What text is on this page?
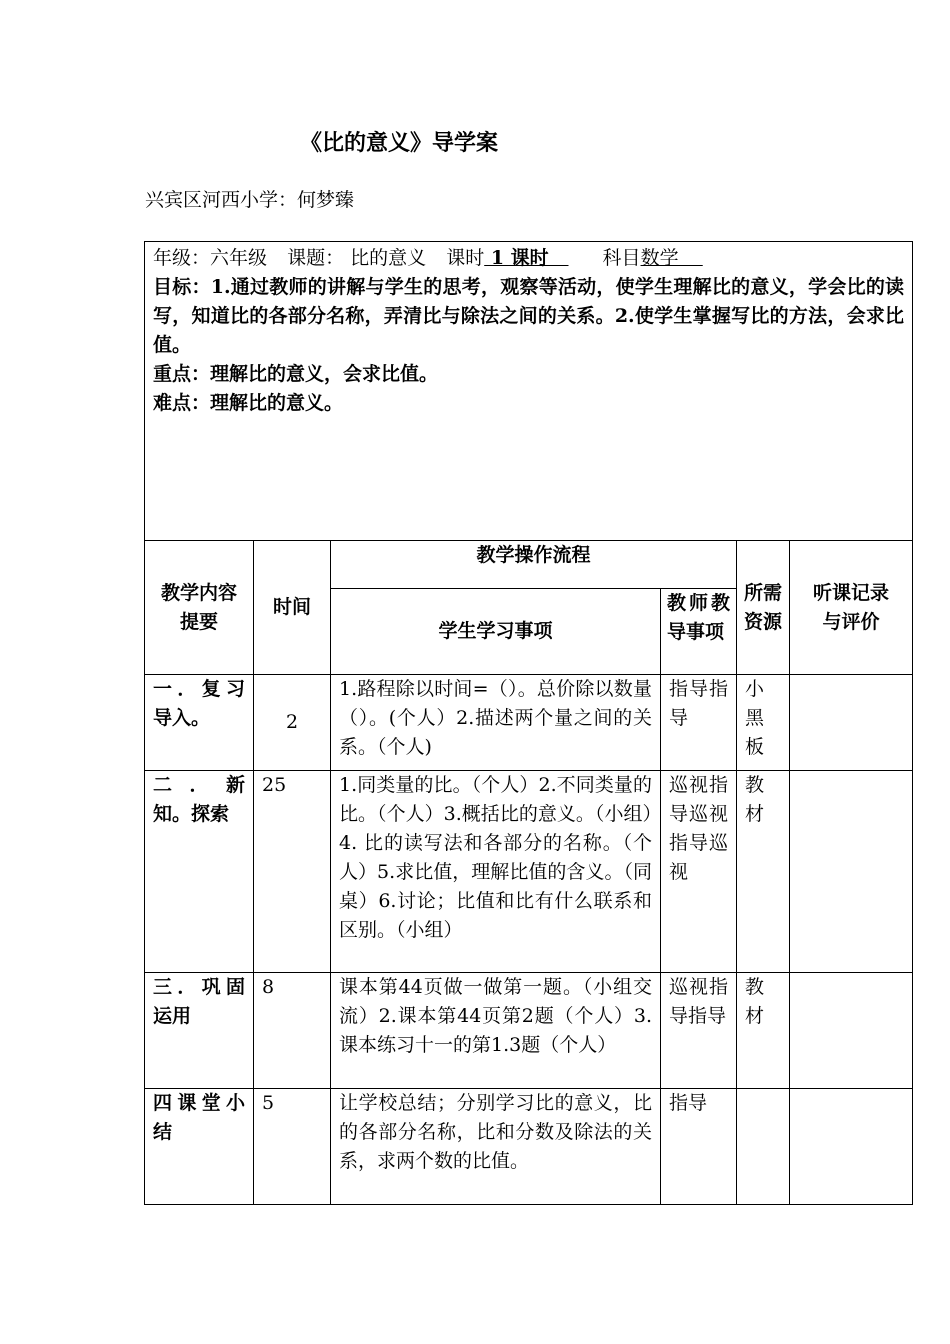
《比的意义》导学案
兴宾区河西小学：何梦臻
年级：六年级 课题： 比的意义 课时 1 课时    科目数学
目标：1.通过教师的讲解与学生的思考，观察等活动，使学生理解比的意义，学会比的读写，知道比的各部分名称，弄清比与除法之间的关系。2.使学生掌握写比的方法，会求比值。
重点：理解比的意义，会求比值。
难点：理解比的意义。					

教学内容提要	时间	教学操作流程		所需资源	听课记录与评价
		学生学习事项	教师教导事项		
一．复习导入。	2	1.路程除以时间=（）。总价除以数量（）。(个人）2.描述两个量之间的关系。（个人)	指导指导	小黑板	
二．新知。探索	25	1.同类量的比。（个人）2.不同类量的比。（个人）3.概括比的意义。（小组）4. 比的读写法和各部分的名称。（个人）5.求比值，理解比值的含义。（同桌）6.讨论；比值和比有什么联系和区别。（小组）	巡视指导巡视指导巡视	教材	
三．巩固运用	8	课本第44页做一做第一题。（小组交流）2.课本第44页第2题（个人）3.课本练习十一的第1.3题（个人）	巡视指导指导	教材	
四课堂小结	5	让学校总结；分别学习比的意义，比的各部分名称，比和分数及除法的关系，求两个数的比值。	指导		
